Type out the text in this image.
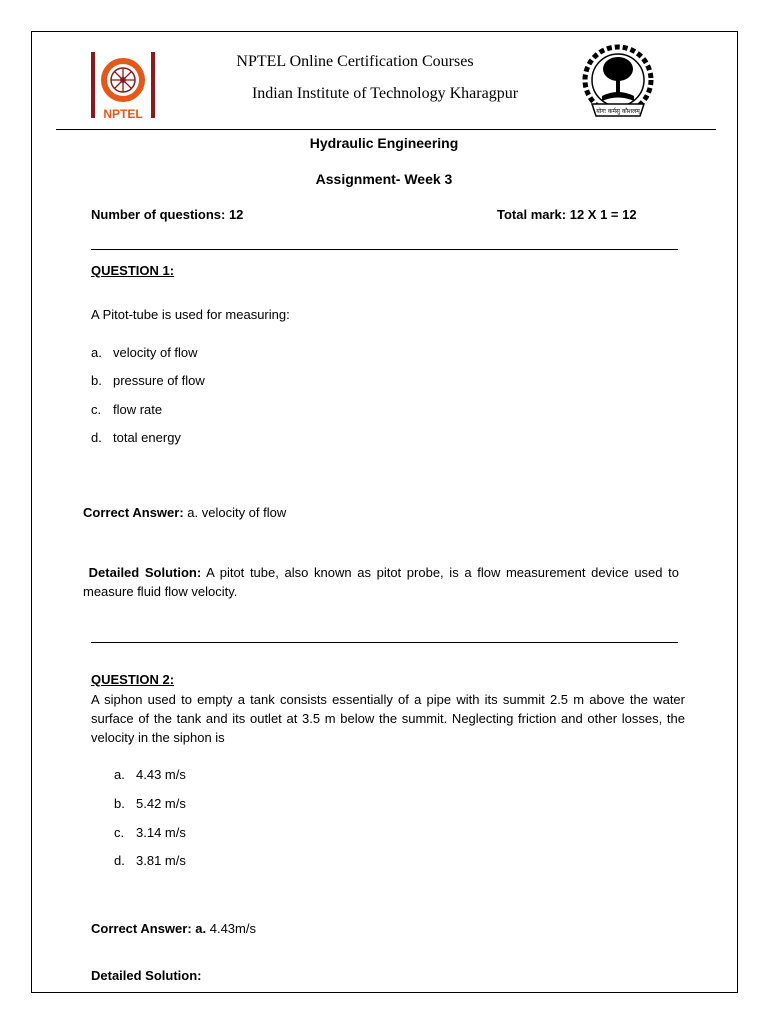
NPTEL	योगः कर्मसु कौशलम्
NPTEL Online Certification Courses
Indian Institute of Technology Kharagpur
Hydraulic Engineering
Assignment- Week 3
Number of questions: 12	Total mark: 12 X 1 = 12
QUESTION 1:
A Pitot-tube is used for measuring:
a. velocity of flow
b. pressure of flow
c. flow rate
d. total energy
Correct Answer: a. velocity of flow
Detailed Solution: A pitot tube, also known as pitot probe, is a flow measurement device used to measure fluid flow velocity.
QUESTION 2:
A siphon used to empty a tank consists essentially of a pipe with its summit 2.5 m above the water surface of the tank and its outlet at 3.5 m below the summit. Neglecting friction and other losses, the velocity in the siphon is
a. 4.43 m/s
b. 5.42 m/s
c. 3.14 m/s
d. 3.81 m/s
Correct Answer: a. 4.43m/s
Detailed Solution:
